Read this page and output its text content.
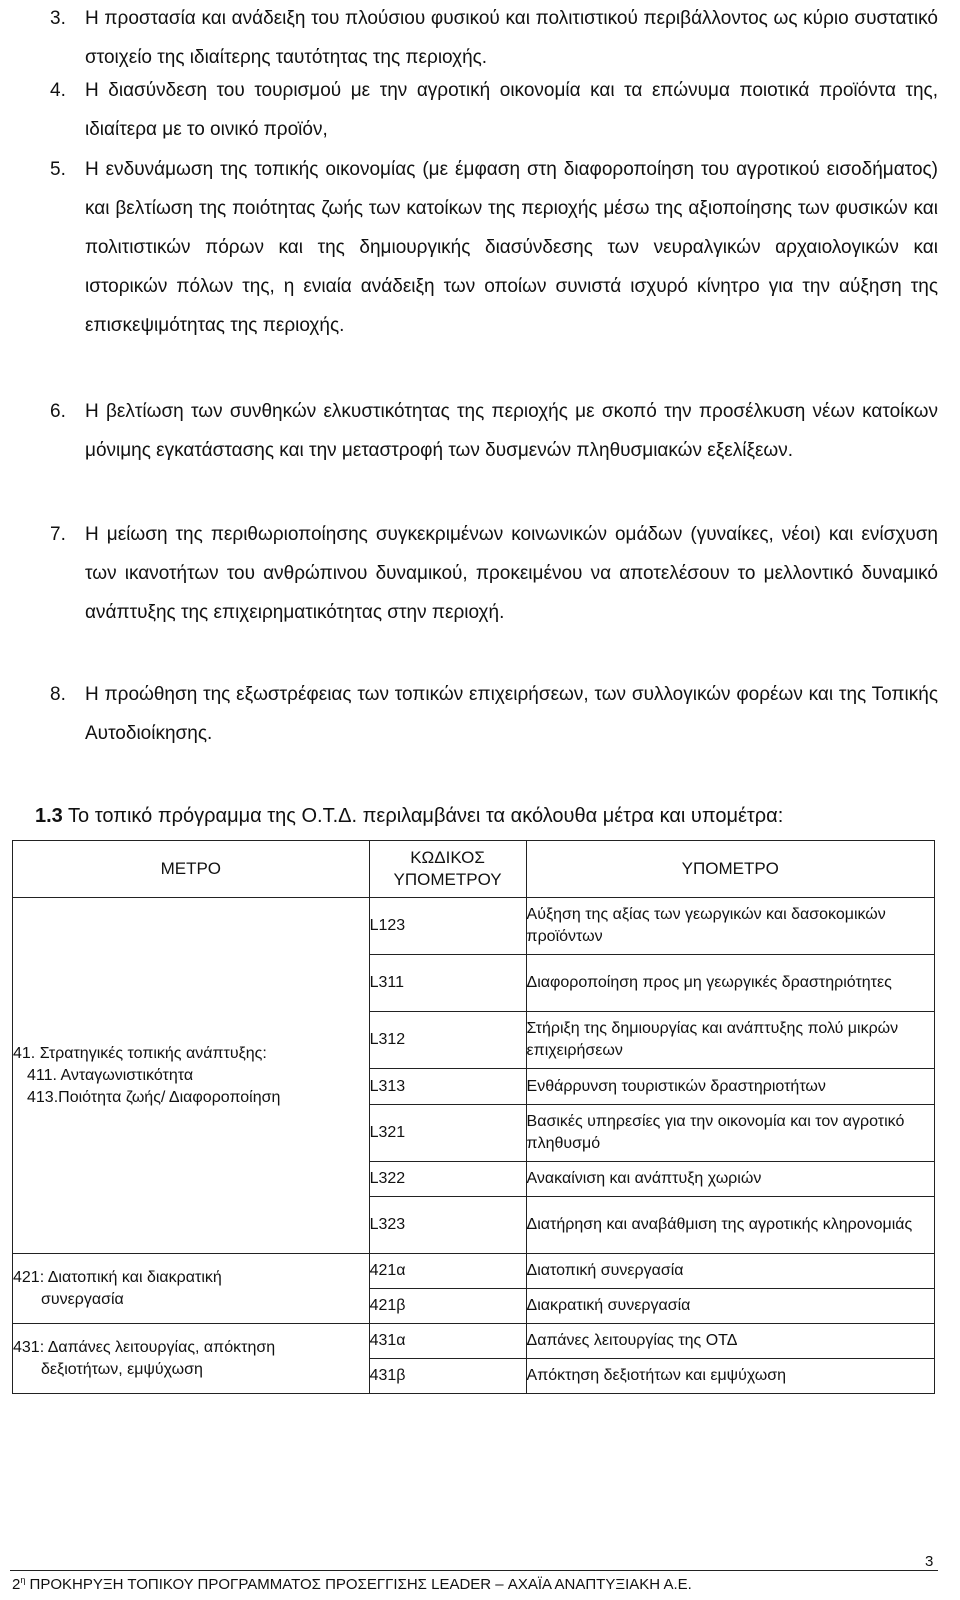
3. Η προστασία και ανάδειξη του πλούσιου φυσικού και πολιτιστικού περιβάλλοντος ως κύριο συστατικό στοιχείο της ιδιαίτερης ταυτότητας της περιοχής.
4. Η διασύνδεση του τουρισμού με την αγροτική οικονομία και τα επώνυμα ποιοτικά προϊόντα της, ιδιαίτερα με το οινικό προϊόν,
5. Η ενδυνάμωση της τοπικής οικονομίας (με έμφαση στη διαφοροποίηση του αγροτικού εισοδήματος) και βελτίωση της ποιότητας ζωής των κατοίκων της περιοχής μέσω της αξιοποίησης των φυσικών και πολιτιστικών πόρων και της δημιουργικής διασύνδεσης των νευραλγικών αρχαιολογικών και ιστορικών πόλων της, η ενιαία ανάδειξη των οποίων συνιστά ισχυρό κίνητρο για την αύξηση της επισκεψιμότητας της περιοχής.
6. Η βελτίωση των συνθηκών ελκυστικότητας της περιοχής με σκοπό την προσέλκυση νέων κατοίκων μόνιμης εγκατάστασης και την μεταστροφή των δυσμενών πληθυσμιακών εξελίξεων.
7. Η μείωση της περιθωριοποίησης συγκεκριμένων κοινωνικών ομάδων (γυναίκες, νέοι) και ενίσχυση των ικανοτήτων του ανθρώπινου δυναμικού, προκειμένου να αποτελέσουν το μελλοντικό δυναμικό ανάπτυξης της επιχειρηματικότητας στην περιοχή.
8. Η προώθηση της εξωστρέφειας των τοπικών επιχειρήσεων, των συλλογικών φορέων και της Τοπικής Αυτοδιοίκησης.
1.3 Το τοπικό πρόγραμμα της Ο.Τ.Δ. περιλαμβάνει τα ακόλουθα μέτρα και υπομέτρα:
ΜΕΤΡΟ	ΚΩΔΙΚΟΣ ΥΠΟΜΕΤΡΟΥ	ΥΠΟΜΕΤΡΟ

41. Στρατηγικές τοπικής ανάπτυξης:
411. Ανταγωνιστικότητα
413.Ποιότητα ζωής/ Διαφοροποίηση	L123	Αύξηση της αξίας των γεωργικών και δασοκομικών προϊόντων
	L311	Διαφοροποίηση προς μη γεωργικές δραστηριότητες
	L312	Στήριξη της δημιουργίας και ανάπτυξης πολύ μικρών επιχειρήσεων
	L313	Ενθάρρυνση τουριστικών δραστηριοτήτων
	L321	Βασικές υπηρεσίες για την οικονομία και τον αγροτικό πληθυσμό
	L322	Ανακαίνιση και ανάπτυξη χωριών
	L323	Διατήρηση και αναβάθμιση της αγροτικής κληρονομιάς

421: Διατοπική και διακρατική
συνεργασία	421α	Διατοπική συνεργασία
	421β	Διακρατική συνεργασία

431: Δαπάνες λειτουργίας, απόκτηση
δεξιοτήτων, εμψύχωση	431α	Δαπάνες λειτουργίας της ΟΤΔ
	431β	Απόκτηση δεξιοτήτων και εμψύχωση
3
$2^\eta$ ΠΡΟΚΗΡΥΞΗ ΤΟΠΙΚΟΥ ΠΡΟΓΡΑΜΜΑΤΟΣ ΠΡΟΣΕΓΓΙΣΗΣ LEADER – ΑΧΑΪΑ ΑΝΑΠΤΥΞΙΑΚΗ Α.Ε.
